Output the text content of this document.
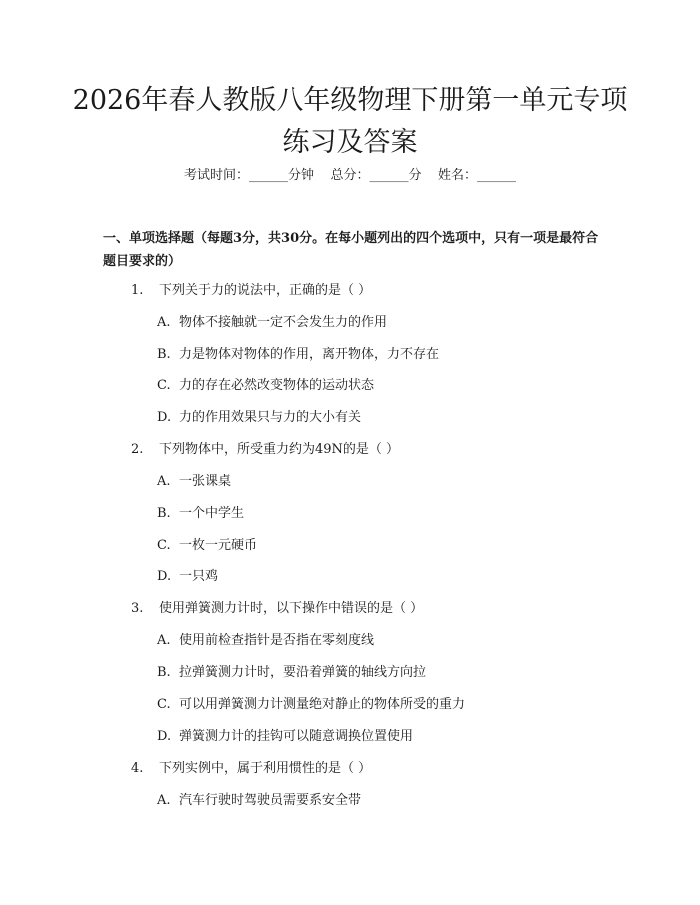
2026年春人教版八年级物理下册第一单元专项练习及答案
考试时间：______分钟    总分：______分    姓名：______
一、单项选择题（每题3分，共30分。在每小题列出的四个选项中，只有一项是最符合题目要求的）
1. 下列关于力的说法中，正确的是（ ）
A. 物体不接触就一定不会发生力的作用
B. 力是物体对物体的作用，离开物体，力不存在
C. 力的存在必然改变物体的运动状态
D. 力的作用效果只与力的大小有关
2. 下列物体中，所受重力约为49N的是（ ）
A. 一张课桌
B. 一个中学生
C. 一枚一元硬币
D. 一只鸡
3. 使用弹簧测力计时，以下操作中错误的是（ ）
A. 使用前检查指针是否指在零刻度线
B. 拉弹簧测力计时，要沿着弹簧的轴线方向拉
C. 可以用弹簧测力计测量绝对静止的物体所受的重力
D. 弹簧测力计的挂钩可以随意调换位置使用
4. 下列实例中，属于利用惯性的是（ ）
A. 汽车行驶时驾驶员需要系安全带
